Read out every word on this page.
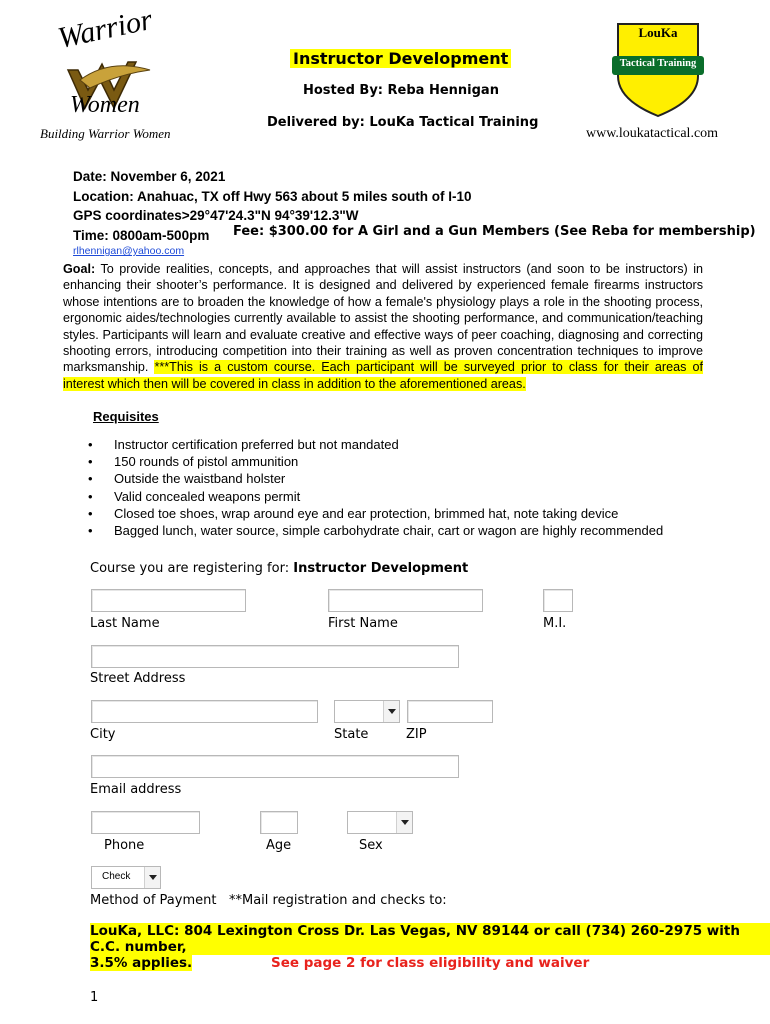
Warrior
Women
Building Warrior Women
Instructor Development
Hosted By: Reba Hennigan
Delivered by: LouKa Tactical Training
LouKa
Tactical Training
www.loukatactical.com
Date: November 6, 2021
Location: Anahuac, TX off Hwy 563 about 5 miles south of I-10
GPS coordinates>29°47'24.3"N 94°39'12.3"W
Time: 0800am-500pm	Fee: $300.00 for A Girl and a Gun Members (See Reba for membership)
rlhennigan@yahoo.com
Goal: To provide realities, concepts, and approaches that will assist instructors (and soon to be instructors) in enhancing their shooter’s performance. It is designed and delivered by experienced female firearms instructors whose intentions are to broaden the knowledge of how a female's physiology plays a role in the shooting process, ergonomic aides/technologies currently available to assist the shooting performance, and communication/teaching styles. Participants will learn and evaluate creative and effective ways of peer coaching, diagnosing and correcting shooting errors, introducing competition into their training as well as proven concentration techniques to improve marksmanship. ***This is a custom course. Each participant will be surveyed prior to class for their areas of interest which then will be covered in class in addition to the aforementioned areas.
Requisites
• Instructor certification preferred but not mandated
• 150 rounds of pistol ammunition
• Outside the waistband holster
• Valid concealed weapons permit
• Closed toe shoes, wrap around eye and ear protection, brimmed hat, note taking device
• Bagged lunch, water source, simple carbohydrate chair, cart or wagon are highly recommended
Course you are registering for: Instructor Development
Last Name	First Name	M.I.
Street Address
City	State	ZIP
Email address
Phone	Age	Sex
Check
Method of Payment **Mail registration and checks to:
LouKa, LLC: 804 Lexington Cross Dr. Las Vegas, NV 89144 or call (734) 260-2975 with C.C. number,
3.5% applies.	See page 2 for class eligibility and waiver
1
